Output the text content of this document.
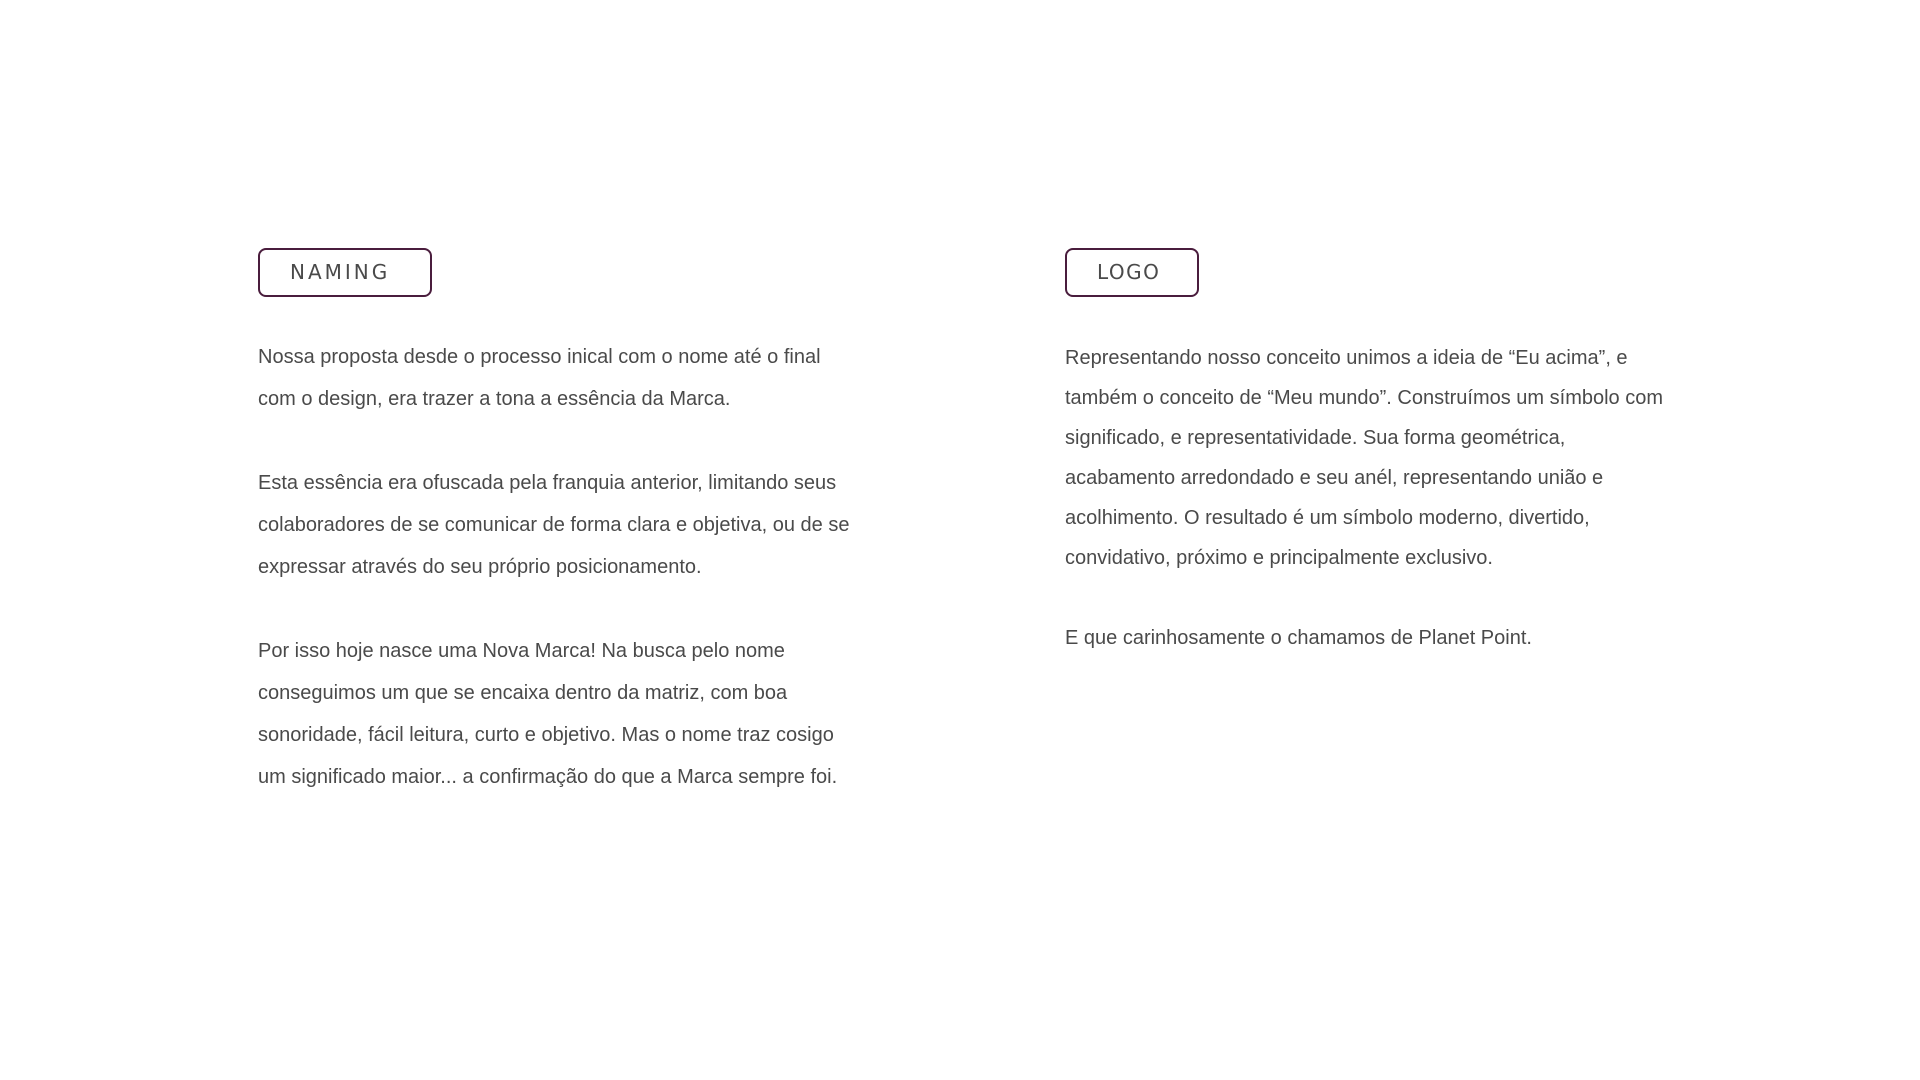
NAMING

Nossa proposta desde o processo inical com o nome até o final com o design, era trazer a tona a essência da Marca.

Esta essência era ofuscada pela franquia anterior, limitando seus colaboradores de se comunicar de forma clara e objetiva, ou de se expressar através do seu próprio posicionamento.

Por isso hoje nasce uma Nova Marca! Na busca pelo nome conseguimos um que se encaixa dentro da matriz, com boa sonoridade, fácil leitura, curto e objetivo. Mas o nome traz cosigo um significado maior... a confirmação do que a Marca sempre foi.

LOGO

Representando nosso conceito unimos a ideia de “Eu acima”, e também o conceito de “Meu mundo”. Construímos um símbolo com significado, e representatividade. Sua forma geométrica, acabamento arredondado e seu anél, representando união e acolhimento. O resultado é um símbolo moderno, divertido, convidativo, próximo e principalmente exclusivo.

E que carinhosamente o chamamos de Planet Point.
